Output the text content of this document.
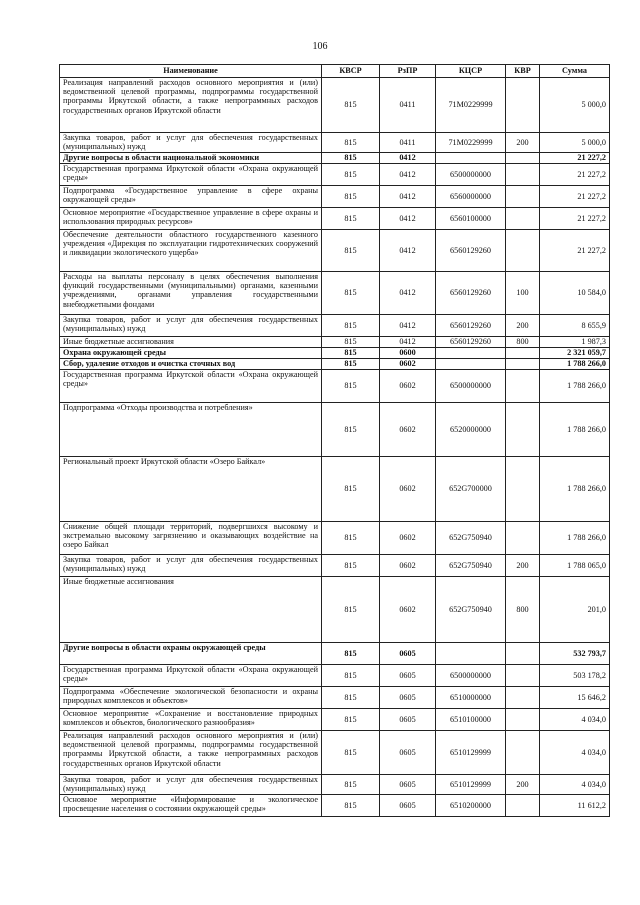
106
Наименование	КВСР	РзПР	КЦСР	КВР	Сумма
Реализация направлений расходов основного мероприятия и (или) ведомственной целевой программы, подпрограммы государственной программы Иркутской области, а также непрограммных расходов государственных органов Иркутской области	815	0411	71М0229999		5 000,0
Закупка товаров, работ и услуг для обеспечения государственных (муниципальных) нужд	815	0411	71М0229999	200	5 000,0
Другие вопросы в области национальной экономики	815	0412			21 227,2
Государственная программа Иркутской области «Охрана окружающей среды»	815	0412	6500000000		21 227,2
Подпрограмма «Государственное управление в сфере охраны окружающей среды»	815	0412	6560000000		21 227,2
Основное мероприятие «Государственное управление в сфере охраны и использования природных ресурсов»	815	0412	6560100000		21 227,2
Обеспечение деятельности областного государственного казенного учреждения «Дирекция по эксплуатации гидротехнических сооружений и ликвидации экологического ущерба»	815	0412	6560129260		21 227,2
Расходы на выплаты персоналу в целях обеспечения выполнения функций государственными (муниципальными) органами, казенными учреждениями, органами управления государственными внебюджетными фондами	815	0412	6560129260	100	10 584,0
Закупка товаров, работ и услуг для обеспечения государственных (муниципальных) нужд	815	0412	6560129260	200	8 655,9
Иные бюджетные ассигнования	815	0412	6560129260	800	1 987,3
Охрана окружающей среды	815	0600			2 321 059,7
Сбор, удаление отходов и очистка сточных вод	815	0602			1 788 266,0
Государственная программа Иркутской области «Охрана окружающей среды»	815	0602	6500000000		1 788 266,0
Подпрограмма «Отходы производства и потребления»	815	0602	6520000000		1 788 266,0
Региональный проект Иркутской области «Озеро Байкал»	815	0602	652G700000		1 788 266,0
Снижение общей площади территорий, подвергшихся высокому и экстремально высокому загрязнению и оказывающих воздействие на озеро Байкал	815	0602	652G750940		1 788 266,0
Закупка товаров, работ и услуг для обеспечения государственных (муниципальных) нужд	815	0602	652G750940	200	1 788 065,0
Иные бюджетные ассигнования	815	0602	652G750940	800	201,0
Другие вопросы в области охраны окружающей среды	815	0605			532 793,7
Государственная программа Иркутской области «Охрана окружающей среды»	815	0605	6500000000		503 178,2
Подпрограмма «Обеспечение экологической безопасности и охраны природных комплексов и объектов»	815	0605	6510000000		15 646,2
Основное мероприятие «Сохранение и восстановление природных комплексов и объектов, биологического разнообразия»	815	0605	6510100000		4 034,0
Реализация направлений расходов основного мероприятия и (или) ведомственной целевой программы, подпрограммы государственной программы Иркутской области, а также непрограммных расходов государственных органов Иркутской области	815	0605	6510129999		4 034,0
Закупка товаров, работ и услуг для обеспечения государственных (муниципальных) нужд	815	0605	6510129999	200	4 034,0
Основное мероприятие «Информирование и экологическое просвещение населения о состоянии окружающей среды»	815	0605	6510200000		11 612,2
